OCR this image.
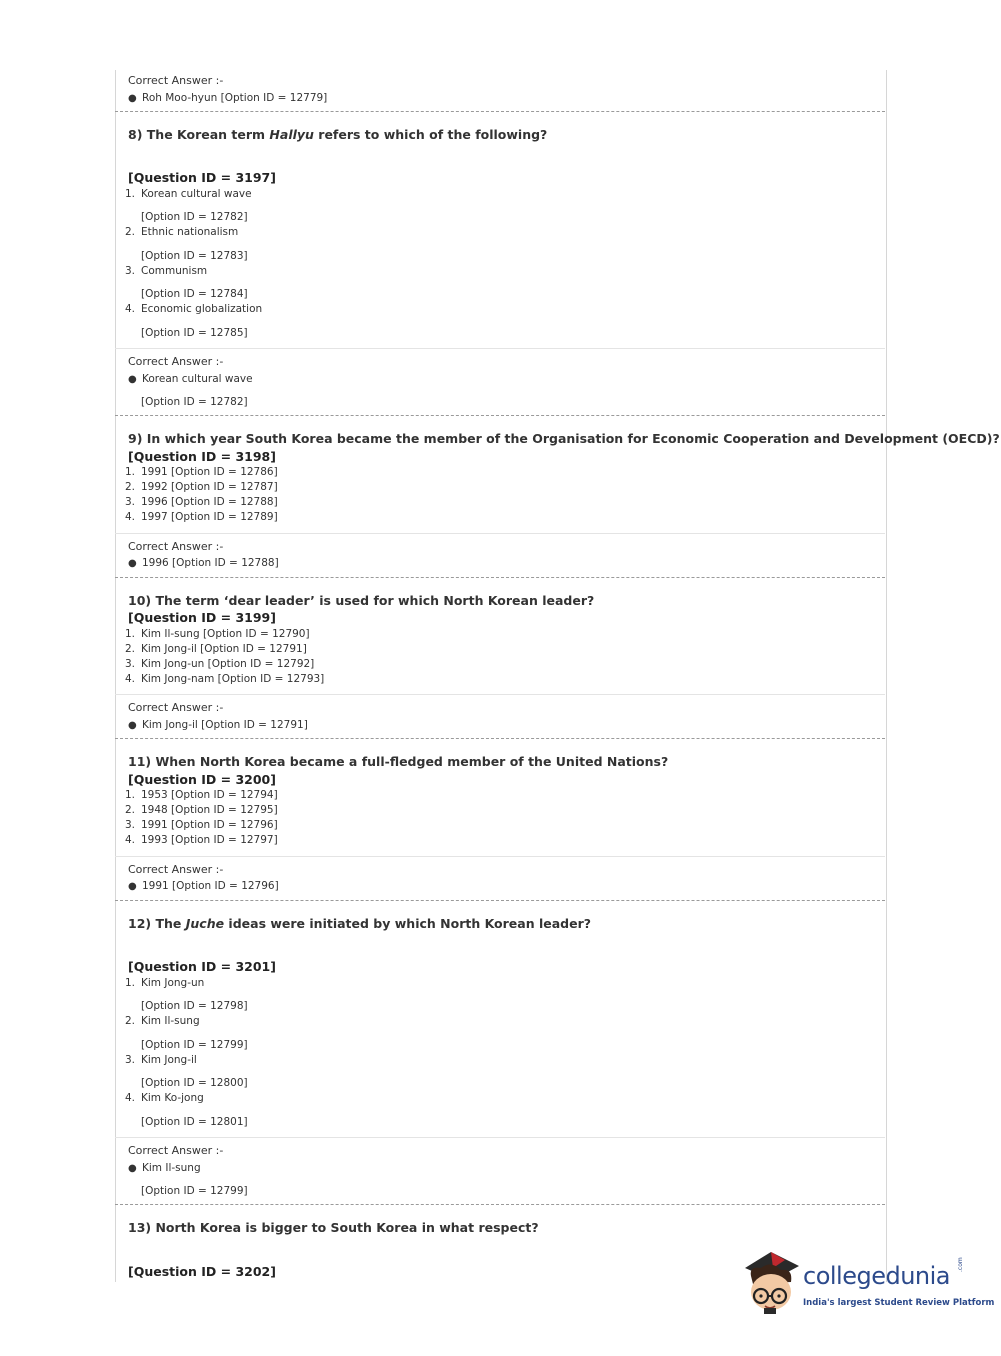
Correct Answer :-
● Roh Moo-hyun [Option ID = 12779]
8) The Korean term Hallyu refers to which of the following?
[Question ID = 3197]
1. Korean cultural wave
[Option ID = 12782]
2. Ethnic nationalism
[Option ID = 12783]
3. Communism
[Option ID = 12784]
4. Economic globalization
[Option ID = 12785]
Correct Answer :-
● Korean cultural wave
[Option ID = 12782]
9) In which year South Korea became the member of the Organisation for Economic Cooperation and Development (OECD)?
[Question ID = 3198]
1. 1991 [Option ID = 12786]
2. 1992 [Option ID = 12787]
3. 1996 [Option ID = 12788]
4. 1997 [Option ID = 12789]
Correct Answer :-
● 1996 [Option ID = 12788]
10) The term ‘dear leader’ is used for which North Korean leader?
[Question ID = 3199]
1. Kim Il-sung [Option ID = 12790]
2. Kim Jong-il [Option ID = 12791]
3. Kim Jong-un [Option ID = 12792]
4. Kim Jong-nam [Option ID = 12793]
Correct Answer :-
● Kim Jong-il [Option ID = 12791]
11) When North Korea became a full-fledged member of the United Nations?
[Question ID = 3200]
1. 1953 [Option ID = 12794]
2. 1948 [Option ID = 12795]
3. 1991 [Option ID = 12796]
4. 1993 [Option ID = 12797]
Correct Answer :-
● 1991 [Option ID = 12796]
12) The Juche ideas were initiated by which North Korean leader?
[Question ID = 3201]
1. Kim Jong-un
[Option ID = 12798]
2. Kim Il-sung
[Option ID = 12799]
3. Kim Jong-il
[Option ID = 12800]
4. Kim Ko-jong
[Option ID = 12801]
Correct Answer :-
● Kim Il-sung
[Option ID = 12799]
13) North Korea is bigger to South Korea in what respect?
[Question ID = 3202]	collegedunia .com
India's largest Student Review Platform
